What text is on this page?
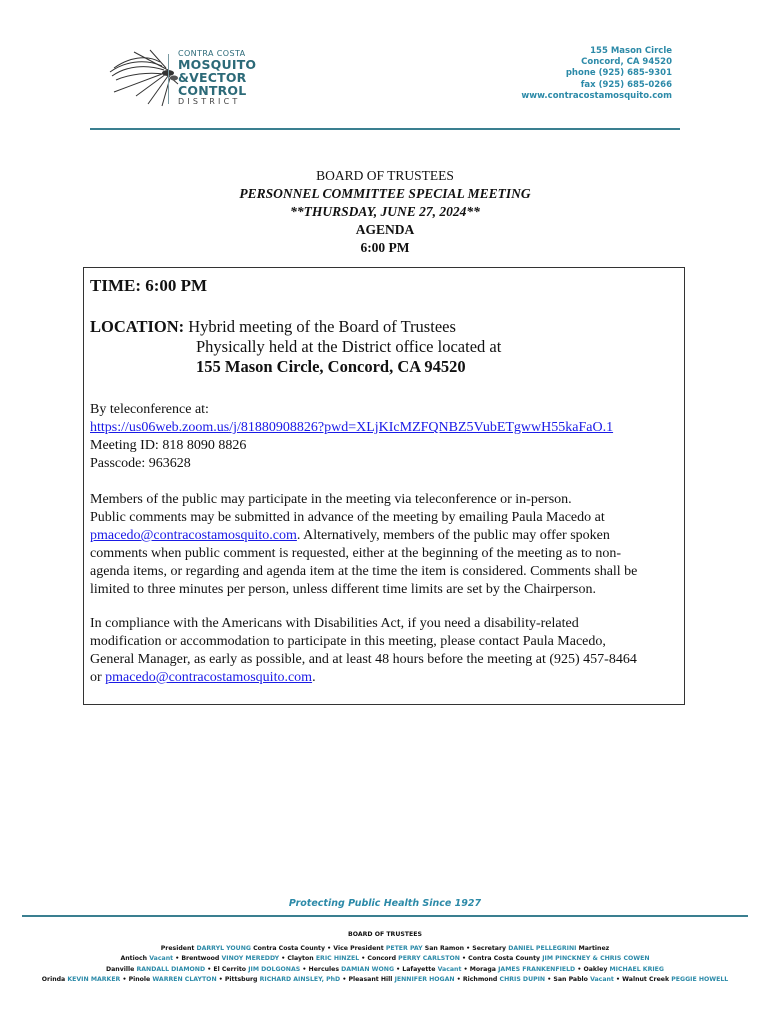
CONTRA COSTA
MOSQUITO
&VECTOR
CONTROL
DISTRICT
155 Mason Circle
Concord, CA 94520
phone (925) 685-9301
fax (925) 685-0266
www.contracostamosquito.com
BOARD OF TRUSTEES
PERSONNEL COMMITTEE SPECIAL MEETING
**THURSDAY, JUNE 27, 2024**
AGENDA
6:00 PM
TIME: 6:00 PM
LOCATION: Hybrid meeting of the Board of Trustees
Physically held at the District office located at
155 Mason Circle, Concord, CA 94520
By teleconference at:
https://us06web.zoom.us/j/81880908826?pwd=XLjKIcMZFQNBZ5VubETgwwH55kaFaO.1
Meeting ID: 818 8090 8826
Passcode: 963628
Members of the public may participate in the meeting via teleconference or in-person.
Public comments may be submitted in advance of the meeting by emailing Paula Macedo at
pmacedo@contracostamosquito.com. Alternatively, members of the public may offer spoken
comments when public comment is requested, either at the beginning of the meeting as to non-
agenda items, or regarding and agenda item at the time the item is considered. Comments shall be
limited to three minutes per person, unless different time limits are set by the Chairperson.
In compliance with the Americans with Disabilities Act, if you need a disability-related
modification or accommodation to participate in this meeting, please contact Paula Macedo,
General Manager, as early as possible, and at least 48 hours before the meeting at (925) 457-8464
or pmacedo@contracostamosquito.com.
Protecting Public Health Since 1927
BOARD OF TRUSTEES
President DARRYL YOUNG Contra Costa County • Vice President PETER PAY San Ramon • Secretary DANIEL PELLEGRINI Martinez
Antioch Vacant • Brentwood VINOY MEREDDY • Clayton ERIC HINZEL • Concord PERRY CARLSTON • Contra Costa County JIM PINCKNEY & CHRIS COWEN
Danville RANDALL DIAMOND • El Cerrito JIM DOLGONAS • Hercules DAMIAN WONG • Lafayette Vacant • Moraga JAMES FRANKENFIELD • Oakley MICHAEL KRIEG
Orinda KEVIN MARKER • Pinole WARREN CLAYTON • Pittsburg RICHARD AINSLEY, PhD • Pleasant Hill JENNIFER HOGAN • Richmond CHRIS DUPIN • San Pablo Vacant • Walnut Creek PEGGIE HOWELL
